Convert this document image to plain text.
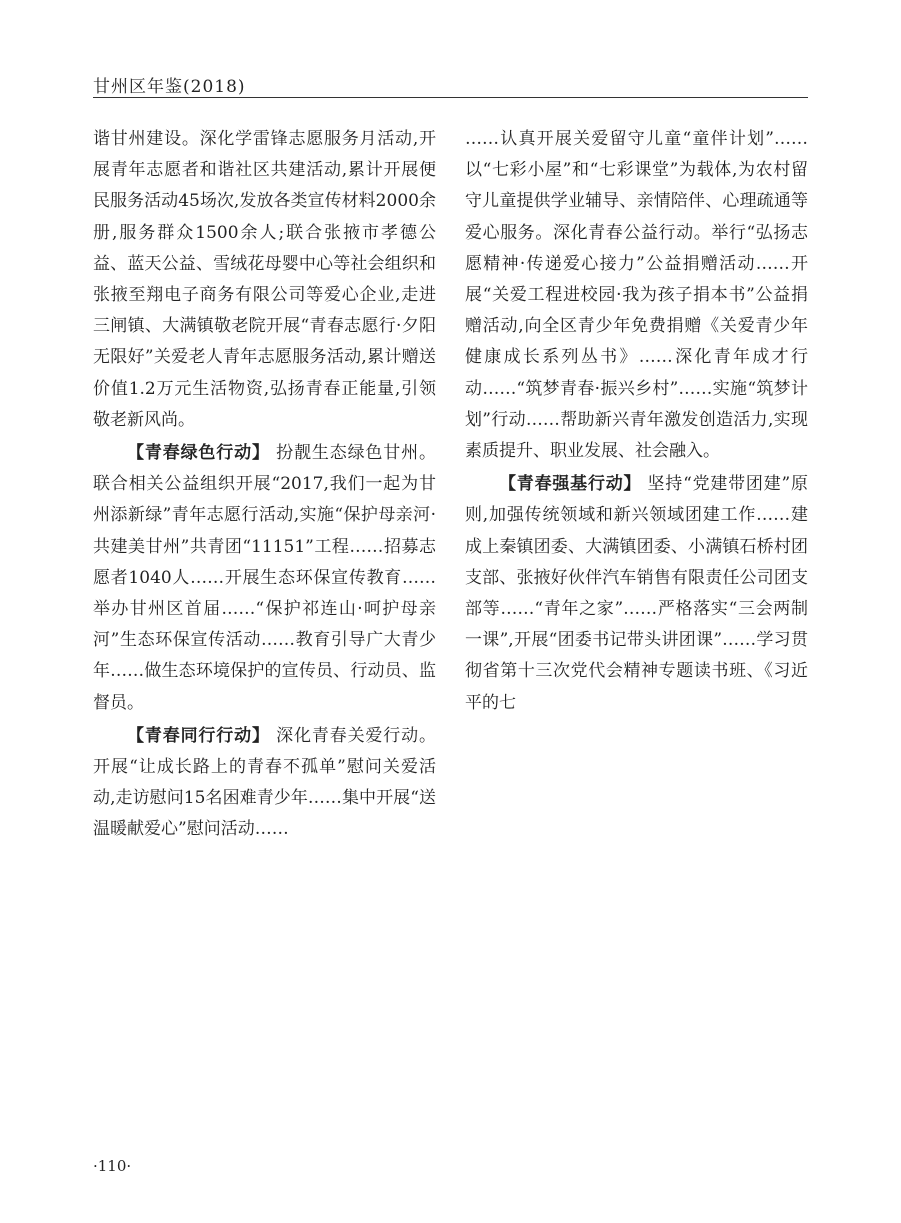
甘州区年鉴(2018)

谐甘州建设。深化学雷锋志愿服务月活动,开展青年志愿者和谐社区共建活动,累计开展便民服务活动45场次,发放各类宣传材料2000余册,服务群众1500余人;联合张掖市孝德公益、蓝天公益、雪绒花母婴中心等社会组织和张掖至翔电子商务有限公司等爱心企业,走进三闸镇、大满镇敬老院开展“青春志愿行·夕阳无限好”关爱老人青年志愿服务活动,累计赠送价值1.2万元生活物资,弘扬青春正能量,引领敬老新风尚。

【青春绿色行动】 扮靓生态绿色甘州。联合相关公益组织开展“2017,我们一起为甘州添新绿”青年志愿行活动,实施“保护母亲河·共建美甘州”共青团“11151”工程……招募志愿者1040人……开展生态环保宣传教育……举办甘州区首届……“保护祁连山·呵护母亲河”生态环保宣传活动……教育引导广大青少年……做生态环境保护的宣传员、行动员、监督员。

【青春同行行动】 深化青春关爱行动。开展“让成长路上的青春不孤单”慰问关爱活动,走访慰问15名困难青少年……集中开展“送温暖献爱心”慰问活动……

……认真开展关爱留守儿童“童伴计划”……以“七彩小屋”和“七彩课堂”为载体,为农村留守儿童提供学业辅导、亲情陪伴、心理疏通等爱心服务。深化青春公益行动。举行“弘扬志愿精神·传递爱心接力”公益捐赠活动……开展“关爱工程进校园·我为孩子捐本书”公益捐赠活动,向全区青少年免费捐赠《关爱青少年健康成长系列丛书》……深化青年成才行动……“筑梦青春·振兴乡村”……实施“筑梦计划”行动……帮助新兴青年激发创造活力,实现素质提升、职业发展、社会融入。

【青春强基行动】 坚持“党建带团建”原则,加强传统领域和新兴领域团建工作……建成上秦镇团委、大满镇团委、小满镇石桥村团支部、张掖好伙伴汽车销售有限责任公司团支部等……“青年之家”……严格落实“三会两制一课”,开展“团委书记带头讲团课”……学习贯彻省第十三次党代会精神专题读书班、《习近平的七

·110·
